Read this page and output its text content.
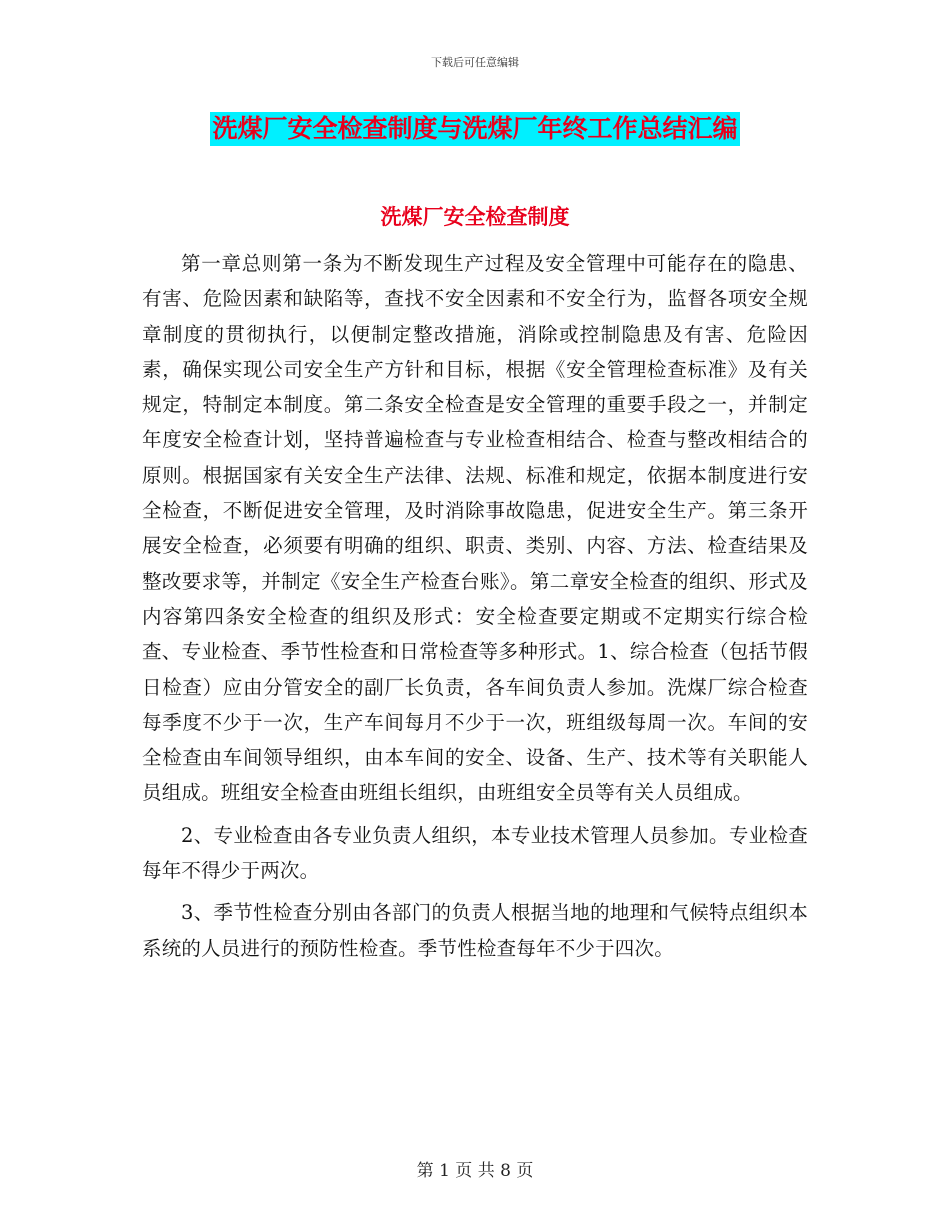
下载后可任意编辑
洗煤厂安全检查制度与洗煤厂年终工作总结汇编
洗煤厂安全检查制度

第一章总则第一条为不断发现生产过程及安全管理中可能存在的隐患、有害、危险因素和缺陷等，查找不安全因素和不安全行为，监督各项安全规章制度的贯彻执行，以便制定整改措施，消除或控制隐患及有害、危险因素，确保实现公司安全生产方针和目标，根据《安全管理检查标准》及有关规定，特制定本制度。第二条安全检查是安全管理的重要手段之一，并制定年度安全检查计划，坚持普遍检查与专业检查相结合、检查与整改相结合的原则。根据国家有关安全生产法律、法规、标准和规定，依据本制度进行安全检查，不断促进安全管理，及时消除事故隐患，促进安全生产。第三条开展安全检查，必须要有明确的组织、职责、类别、内容、方法、检查结果及整改要求等，并制定《安全生产检查台账》。第二章安全检查的组织、形式及内容第四条安全检查的组织及形式：安全检查要定期或不定期实行综合检查、专业检查、季节性检查和日常检查等多种形式。1、综合检查（包括节假日检查）应由分管安全的副厂长负责，各车间负责人参加。洗煤厂综合检查每季度不少于一次，生产车间每月不少于一次，班组级每周一次。车间的安全检查由车间领导组织，由本车间的安全、设备、生产、技术等有关职能人员组成。班组安全检查由班组长组织，由班组安全员等有关人员组成。

2、专业检查由各专业负责人组织，本专业技术管理人员参加。专业检查每年不得少于两次。

3、季节性检查分别由各部门的负责人根据当地的地理和气候特点组织本系统的人员进行的预防性检查。季节性检查每年不少于四次。

第 1 页 共 8 页
